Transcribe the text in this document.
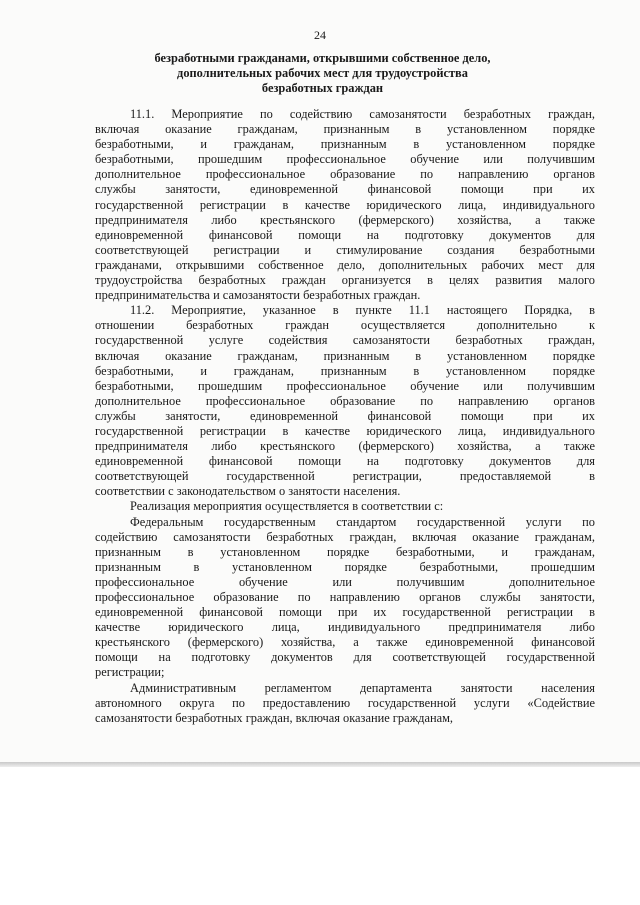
24
безработными гражданами, открывшими собственное дело,
дополнительных рабочих мест для трудоустройства
безработных граждан
11.1. Мероприятие по содействию самозанятости безработных граждан,
включая оказание гражданам, признанным в установленном порядке
безработными, и гражданам, признанным в установленном порядке
безработными, прошедшим профессиональное обучение или получившим
дополнительное профессиональное образование по направлению органов
службы занятости, единовременной финансовой помощи при их
государственной регистрации в качестве юридического лица, индивидуального
предпринимателя либо крестьянского (фермерского) хозяйства, а также
единовременной финансовой помощи на подготовку документов для
соответствующей регистрации и стимулирование создания безработными
гражданами, открывшими собственное дело, дополнительных рабочих мест для
трудоустройства безработных граждан организуется в целях развития малого
предпринимательства и самозанятости безработных граждан.
11.2. Мероприятие, указанное в пункте 11.1 настоящего Порядка, в
отношении безработных граждан осуществляется дополнительно к
государственной услуге содействия самозанятости безработных граждан,
включая оказание гражданам, признанным в установленном порядке
безработными, и гражданам, признанным в установленном порядке
безработными, прошедшим профессиональное обучение или получившим
дополнительное профессиональное образование по направлению органов
службы занятости, единовременной финансовой помощи при их
государственной регистрации в качестве юридического лица, индивидуального
предпринимателя либо крестьянского (фермерского) хозяйства, а также
единовременной финансовой помощи на подготовку документов для
соответствующей государственной регистрации, предоставляемой в
соответствии с законодательством о занятости населения.
Реализация мероприятия осуществляется в соответствии с:
Федеральным государственным стандартом государственной услуги по
содействию самозанятости безработных граждан, включая оказание гражданам,
признанным в установленном порядке безработными, и гражданам,
признанным в установленном порядке безработными, прошедшим
профессиональное обучение или получившим дополнительное
профессиональное образование по направлению органов службы занятости,
единовременной финансовой помощи при их государственной регистрации в
качестве юридического лица, индивидуального предпринимателя либо
крестьянского (фермерского) хозяйства, а также единовременной финансовой
помощи на подготовку документов для соответствующей государственной
регистрации;
Административным регламентом департамента занятости населения
автономного округа по предоставлению государственной услуги «Содействие
самозанятости безработных граждан, включая оказание гражданам,
